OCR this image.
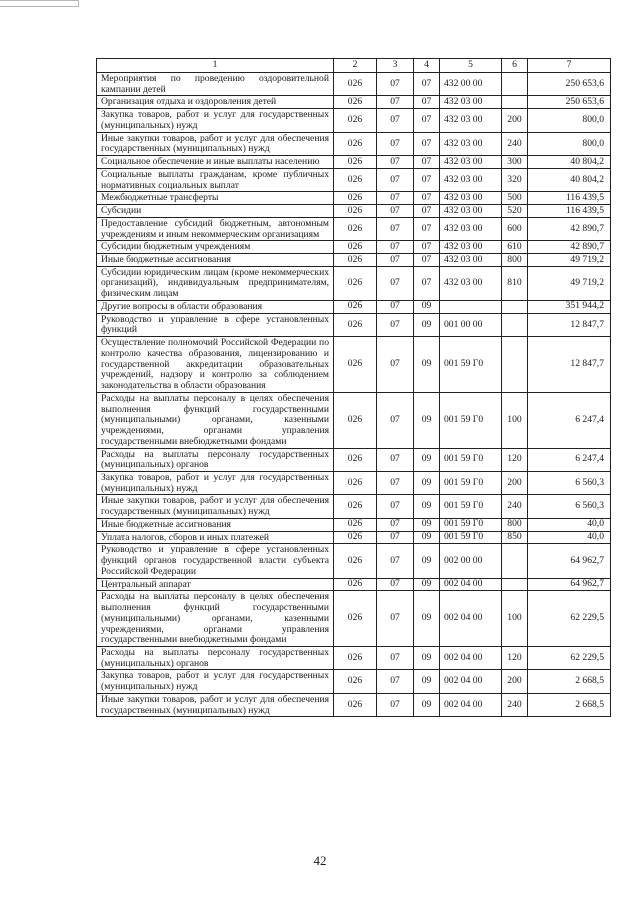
1	2	3	4	5	6	7
Мероприятия по проведению оздоровительной кампании детей	026	07	07	432 00 00		250 653,6
Организация отдыха и оздоровления детей	026	07	07	432 03 00		250 653,6
Закупка товаров, работ и услуг для государственных (муниципальных) нужд	026	07	07	432 03 00	200	800,0
Иные закупки товаров, работ и услуг для обеспечения государственных (муниципальных) нужд	026	07	07	432 03 00	240	800,0
Социальное обеспечение и иные выплаты населению	026	07	07	432 03 00	300	40 804,2
Социальные выплаты гражданам, кроме публичных нормативных социальных выплат	026	07	07	432 03 00	320	40 804,2
Межбюджетные трансферты	026	07	07	432 03 00	500	116 439,5
Субсидии	026	07	07	432 03 00	520	116 439,5
Предоставление субсидий бюджетным, автономным учреждениям и иным некоммерческим организациям	026	07	07	432 03 00	600	42 890,7
Субсидии бюджетным учреждениям	026	07	07	432 03 00	610	42 890,7
Иные бюджетные ассигнования	026	07	07	432 03 00	800	49 719,2
Субсидии юридическим лицам (кроме некоммерческих организаций), индивидуальным предпринимателям, физическим лицам	026	07	07	432 03 00	810	49 719,2
Другие вопросы в области образования	026	07	09			351 944,2
Руководство и управление в сфере установленных функций	026	07	09	001 00 00		12 847,7
Осуществление полномочий Российской Федерации по контролю качества образования, лицензированию и государственной аккредитации образовательных учреждений, надзору и контролю за соблюдением законодательства в области образования	026	07	09	001 59 Г0		12 847,7
Расходы на выплаты персоналу в целях обеспечения выполнения функций государственными (муниципальными) органами, казенными учреждениями, органами управления государственными внебюджетными фондами	026	07	09	001 59 Г0	100	6 247,4
Расходы на выплаты персоналу государственных (муниципальных) органов	026	07	09	001 59 Г0	120	6 247,4
Закупка товаров, работ и услуг для государственных (муниципальных) нужд	026	07	09	001 59 Г0	200	6 560,3
Иные закупки товаров, работ и услуг для обеспечения государственных (муниципальных) нужд	026	07	09	001 59 Г0	240	6 560,3
Иные бюджетные ассигнования	026	07	09	001 59 Г0	800	40,0
Уплата налогов, сборов и иных платежей	026	07	09	001 59 Г0	850	40,0
Руководство и управление в сфере установленных функций органов государственной власти субъекта Российской Федерации	026	07	09	002 00 00		64 962,7
Центральный аппарат	026	07	09	002 04 00		64 962,7
Расходы на выплаты персоналу в целях обеспечения выполнения функций государственными (муниципальными) органами, казенными учреждениями, органами управления государственными внебюджетными фондами	026	07	09	002 04 00	100	62 229,5
Расходы на выплаты персоналу государственных (муниципальных) органов	026	07	09	002 04 00	120	62 229,5
Закупка товаров, работ и услуг для государственных (муниципальных) нужд	026	07	09	002 04 00	200	2 668,5
Иные закупки товаров, работ и услуг для обеспечения государственных (муниципальных) нужд	026	07	09	002 04 00	240	2 668,5
42
